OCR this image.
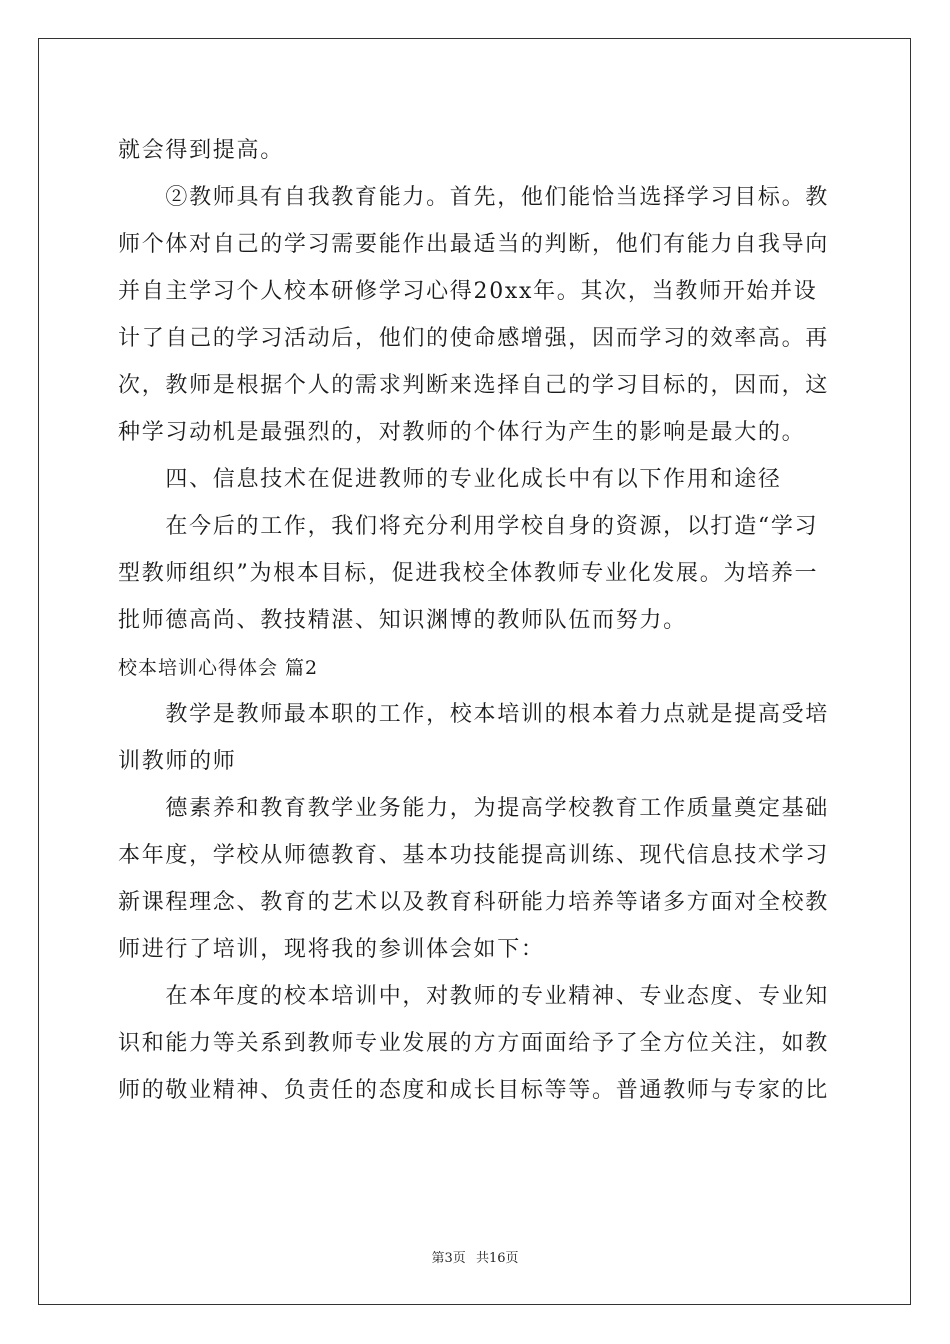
就会得到提高。

　　②教师具有自我教育能力。首先，他们能恰当选择学习目标。教

师个体对自己的学习需要能作出最适当的判断，他们有能力自我导向

并自主学习个人校本研修学习心得20xx年。其次，当教师开始并设

计了自己的学习活动后，他们的使命感增强，因而学习的效率高。再

次，教师是根据个人的需求判断来选择自己的学习目标的，因而，这

种学习动机是最强烈的，对教师的个体行为产生的影响是最大的。

　　四、信息技术在促进教师的专业化成长中有以下作用和途径

　　在今后的工作，我们将充分利用学校自身的资源，以打造“学习

型教师组织”为根本目标，促进我校全体教师专业化发展。为培养一

批师德高尚、教技精湛、知识渊博的教师队伍而努力。

校本培训心得体会 篇2

　　教学是教师最本职的工作，校本培训的根本着力点就是提高受培

训教师的师

　　德素养和教育教学业务能力，为提高学校教育工作质量奠定基础

本年度，学校从师德教育、基本功技能提高训练、现代信息技术学习

新课程理念、教育的艺术以及教育科研能力培养等诸多方面对全校教

师进行了培训，现将我的参训体会如下：

　　在本年度的校本培训中，对教师的专业精神、专业态度、专业知

识和能力等关系到教师专业发展的方方面面给予了全方位关注，如教

师的敬业精神、负责任的态度和成长目标等等。普通教师与专家的比

第3页 共16页
